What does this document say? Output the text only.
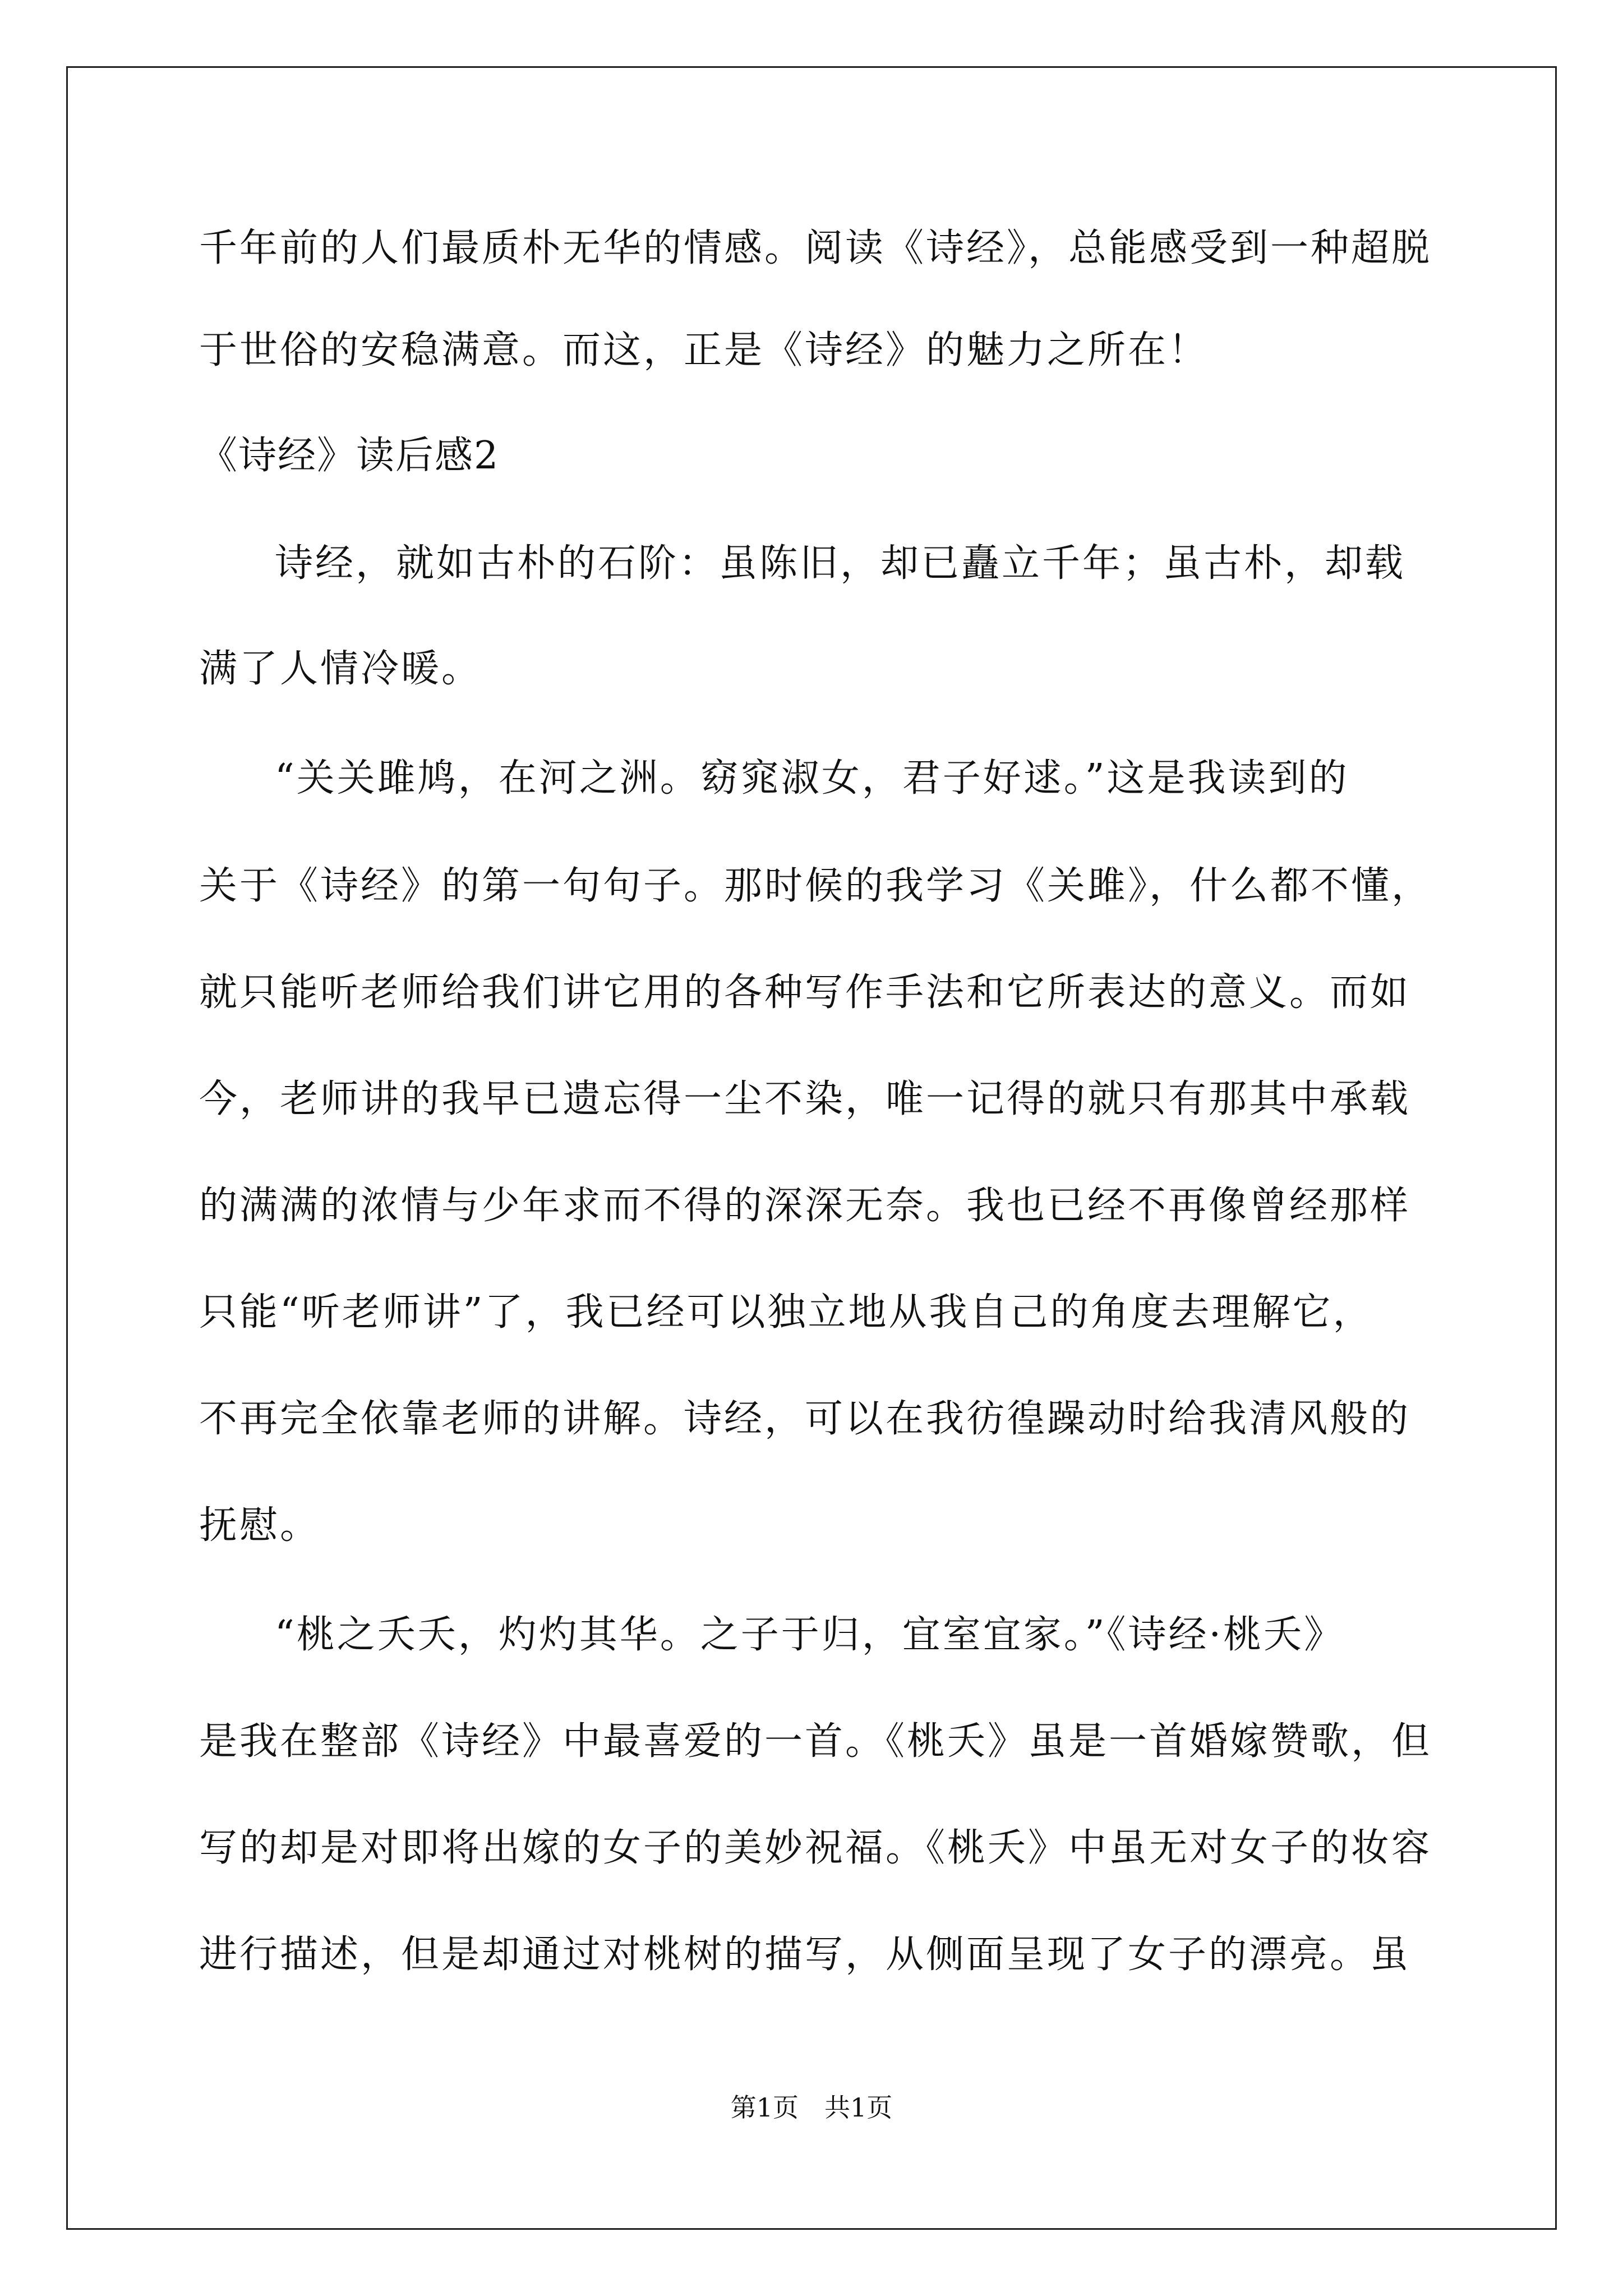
千年前的人们最质朴无华的情感。阅读《诗经》，总能感受到一种超脱

于世俗的安稳满意。而这，正是《诗经》的魅力之所在！

《诗经》读后感2

诗经，就如古朴的石阶：虽陈旧，却已矗立千年；虽古朴，却载

满了人情冷暖。

“关关雎鸠，在河之洲。窈窕淑女，君子好逑。”这是我读到的

关于《诗经》的第一句句子。那时候的我学习《关雎》，什么都不懂，

就只能听老师给我们讲它用的各种写作手法和它所表达的意义。而如

今，老师讲的我早已遗忘得一尘不染，唯一记得的就只有那其中承载

的满满的浓情与少年求而不得的深深无奈。我也已经不再像曾经那样

只能“听老师讲”了，我已经可以独立地从我自己的角度去理解它，

不再完全依靠老师的讲解。诗经，可以在我彷徨躁动时给我清风般的

抚慰。

“桃之夭夭，灼灼其华。之子于归，宜室宜家。”《诗经·桃夭》

是我在整部《诗经》中最喜爱的一首。《桃夭》虽是一首婚嫁赞歌，但

写的却是对即将出嫁的女子的美妙祝福。《桃夭》中虽无对女子的妆容

进行描述，但是却通过对桃树的描写，从侧面呈现了女子的漂亮。虽

第1页　共1页
